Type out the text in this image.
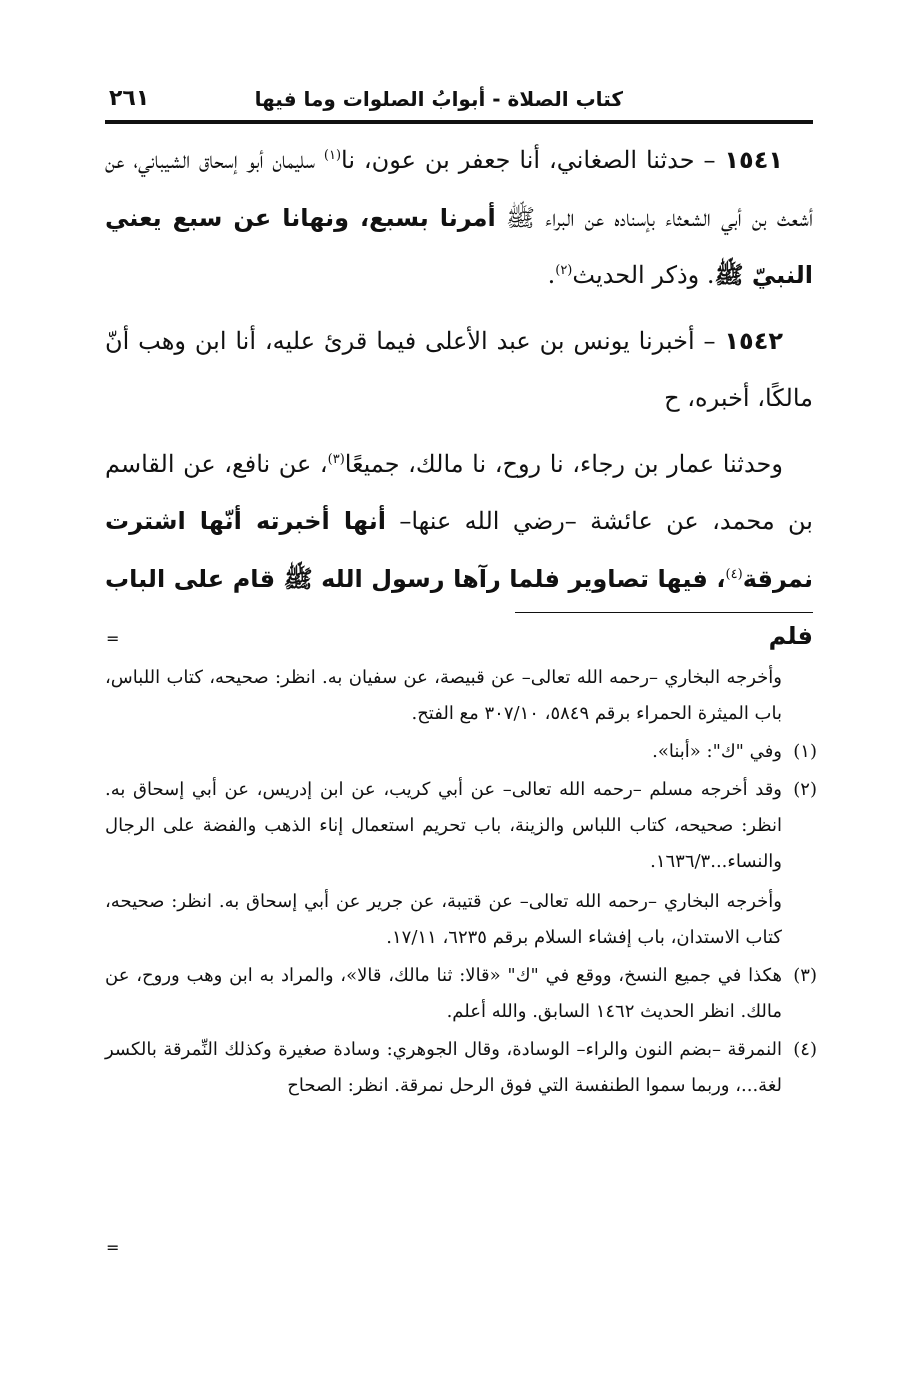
كتاب الصلاة - أبوابُ الصلوات وما فيها
٢٦١

١٥٤١ – حدثنا الصغاني، أنا جعفر بن عون، نا$^{(١)}$ سليمان أبو إسحاق الشيباني، عن أشعث بن أبي الشعثاء بإسناده عن البراء ﷺ أمرنا بسبع، ونهانا عن سبع يعني النبيّ ﷺ. وذكر الحديث$^{(٢)}$.

١٥٤٢ – أخبرنا يونس بن عبد الأعلى فيما قرئ عليه، أنا ابن وهب أنّ مالكًا، أخبره، ح

وحدثنا عمار بن رجاء، نا روح، نا مالك، جميعًا$^{(٣)}$، عن نافع، عن القاسم بن محمد، عن عائشة –رضي الله عنها– أنها أخبرته أنّها اشترت نمرقة$^{(٤)}$، فيها تصاوير فلما رآها رسول الله ﷺ قام على الباب فلم

=

وأخرجه البخاري –رحمه الله تعالى– عن قبيصة، عن سفيان به. انظر: صحيحه، كتاب اللباس، باب الميثرة الحمراء برقم ٥٨٤٩، ٣٠٧/١٠ مع الفتح.

(١)
وفي "ك": «أبنا».

(٢)
وقد أخرجه مسلم –رحمه الله تعالى– عن أبي كريب، عن ابن إدريس، عن أبي إسحاق به. انظر: صحيحه، كتاب اللباس والزينة، باب تحريم استعمال إناء الذهب والفضة على الرجال والنساء...١٦٣٦/٣.

وأخرجه البخاري –رحمه الله تعالى– عن قتيبة، عن جرير عن أبي إسحاق به. انظر: صحيحه، كتاب الاستدان، باب إفشاء السلام برقم ٦٢٣٥، ١٧/١١.

(٣)
هكذا في جميع النسخ، ووقع في "ك" «قالا: ثنا مالك، قالا»، والمراد به ابن وهب وروح، عن مالك. انظر الحديث ١٤٦٢ السابق. والله أعلم.

(٤)
النمرقة –بضم النون والراء– الوسادة، وقال الجوهري: وسادة صغيرة وكذلك النِّمرقة بالكسر لغة...، وربما سموا الطنفسة التي فوق الرحل نمرقة. انظر: الصحاح

=
